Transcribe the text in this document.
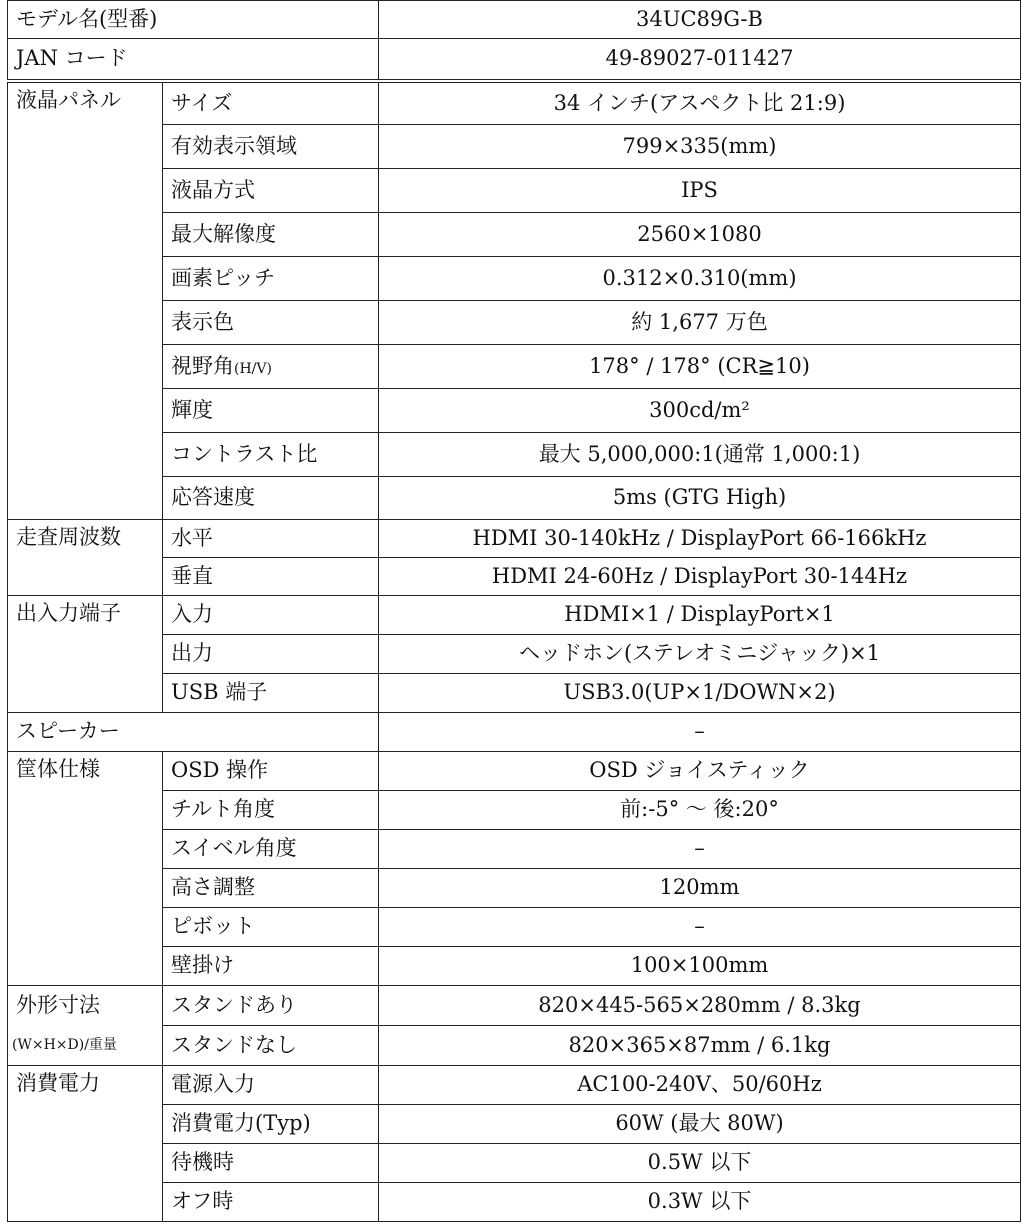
モデル名(型番)		34UC89G-B
JAN コード		49-89027-011427
液晶パネル	サイズ	34 インチ(アスペクト比 21:9)
	有効表示領域	799×335(mm)
	液晶方式	IPS
	最大解像度	2560×1080
	画素ピッチ	0.312×0.310(mm)
	表示色	約 1,677 万色
	視野角(H/V)	178° / 178° (CR≧10)
	輝度	300cd/m²
	コントラスト比	最大 5,000,000:1(通常 1,000:1)
	応答速度	5ms (GTG High)
走査周波数	水平	HDMI 30-140kHz / DisplayPort 66-166kHz
	垂直	HDMI 24-60Hz / DisplayPort 30-144Hz
出入力端子	入力	HDMI×1 / DisplayPort×1
	出力	ヘッドホン(ステレオミニジャック)×1
	USB 端子	USB3.0(UP×1/DOWN×2)
スピーカー		–
筐体仕様	OSD 操作	OSD ジョイスティック
	チルト角度	前:-5° 〜 後:20°
	スイベル角度	–
	高さ調整	120mm
	ピボット	–
	壁掛け	100×100mm
外形寸法	スタンドあり	820×445-565×280mm / 8.3kg
(W×H×D)/重量	スタンドなし	820×365×87mm / 6.1kg
消費電力	電源入力	AC100-240V、50/60Hz
	消費電力(Typ)	60W (最大 80W)
	待機時	0.5W 以下
	オフ時	0.3W 以下
